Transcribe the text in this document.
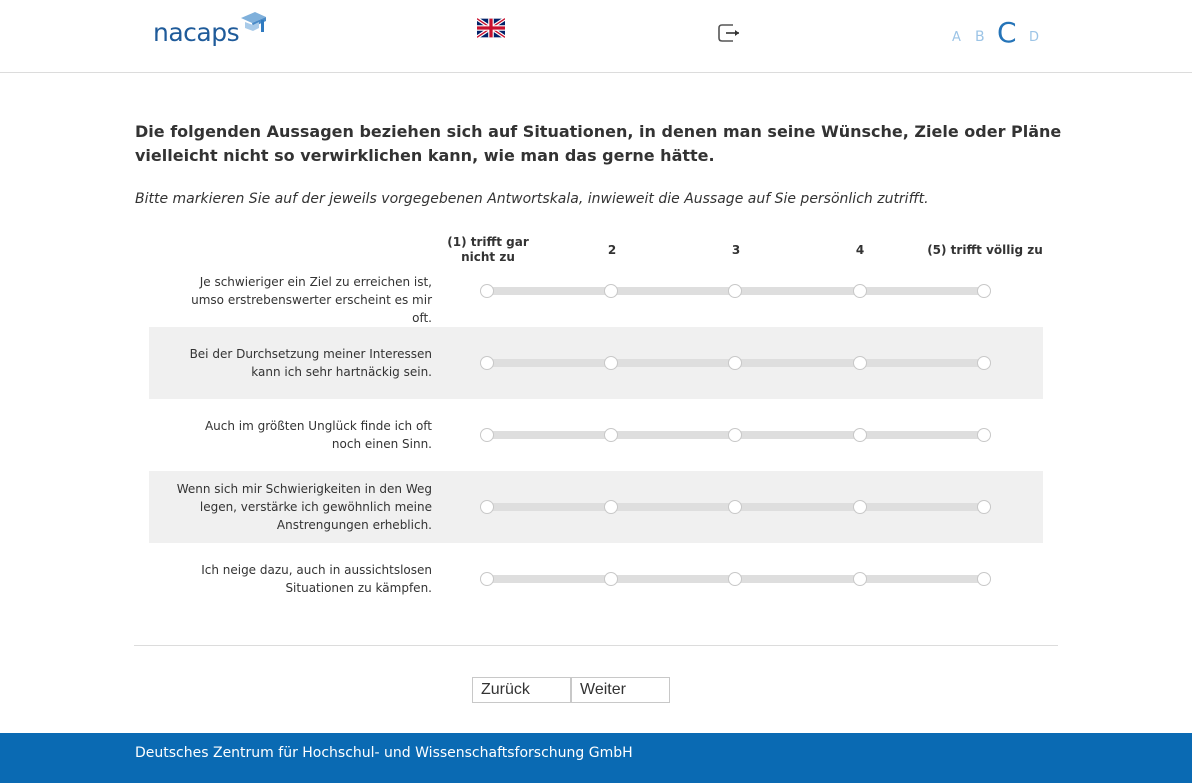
nacaps	A B C D
Die folgenden Aussagen beziehen sich auf Situationen, in denen man seine Wünsche, Ziele oder Pläne vielleicht nicht so verwirklichen kann, wie man das gerne hätte.
Bitte markieren Sie auf der jeweils vorgegebenen Antwortskala, inwieweit die Aussage auf Sie persönlich zutrifft.
(1) trifft gar nicht zu	2	3	4	(5) trifft völlig zu
Je schwieriger ein Ziel zu erreichen ist, umso erstrebenswerter erscheint es mir oft.
Bei der Durchsetzung meiner Interessen kann ich sehr hartnäckig sein.
Auch im größten Unglück finde ich oft noch einen Sinn.
Wenn sich mir Schwierigkeiten in den Weg legen, verstärke ich gewöhnlich meine Anstrengungen erheblich.
Ich neige dazu, auch in aussichtslosen Situationen zu kämpfen.
Zurück	Weiter
Deutsches Zentrum für Hochschul- und Wissenschaftsforschung GmbH
